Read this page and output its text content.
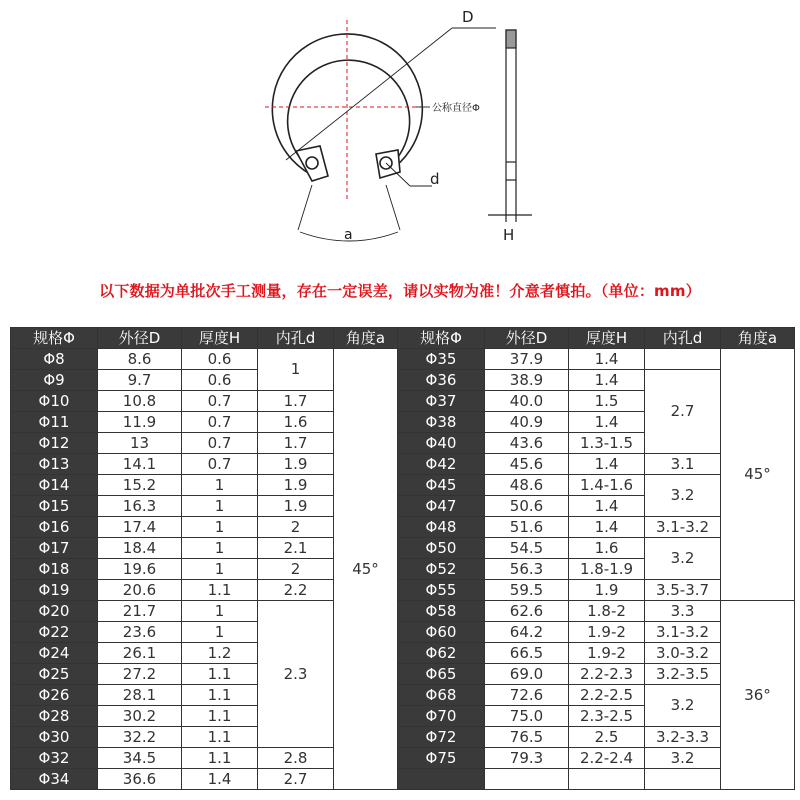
D
公称直径Φ
d
a	H
以下数据为单批次手工测量，存在一定误差，请以实物为准！介意者慎拍。（单位：mm）
规格Φ	外径D	厚度H	内孔d	角度a
Φ8	8.6	0.6	1	45°
Φ9	9.7	0.6		
Φ10	10.8	0.7	1.7	
Φ11	11.9	0.7	1.6	
Φ12	13	0.7	1.7	
Φ13	14.1	0.7	1.9	
Φ14	15.2	1	1.9	
Φ15	16.3	1	1.9	
Φ16	17.4	1	2	
Φ17	18.4	1	2.1	
Φ18	19.6	1	2	
Φ19	20.6	1.1	2.2	
Φ20	21.7	1	2.3	
Φ22	23.6	1		
Φ24	26.1	1.2		
Φ25	27.2	1.1		
Φ26	28.1	1.1		
Φ28	30.2	1.1		
Φ30	32.2	1.1		
Φ32	34.5	1.1	2.8	
Φ34	36.6	1.4	2.7	
规格Φ	外径D	厚度H	内孔d	角度a
Φ35	37.9	1.4		45°
Φ36	38.9	1.4	2.7	
Φ37	40.0	1.5		
Φ38	40.9	1.4		
Φ40	43.6	1.3-1.5		
Φ42	45.6	1.4	3.1	
Φ45	48.6	1.4-1.6	3.2	
Φ47	50.6	1.4		
Φ48	51.6	1.4	3.1-3.2	
Φ50	54.5	1.6	3.2	
Φ52	56.3	1.8-1.9		
Φ55	59.5	1.9	3.5-3.7	
Φ58	62.6	1.8-2	3.3	36°
Φ60	64.2	1.9-2	3.1-3.2	
Φ62	66.5	1.9-2	3.0-3.2	
Φ65	69.0	2.2-2.3	3.2-3.5	
Φ68	72.6	2.2-2.5	3.2	
Φ70	75.0	2.3-2.5		
Φ72	76.5	2.5	3.2-3.3	
Φ75	79.3	2.2-2.4	3.2	
